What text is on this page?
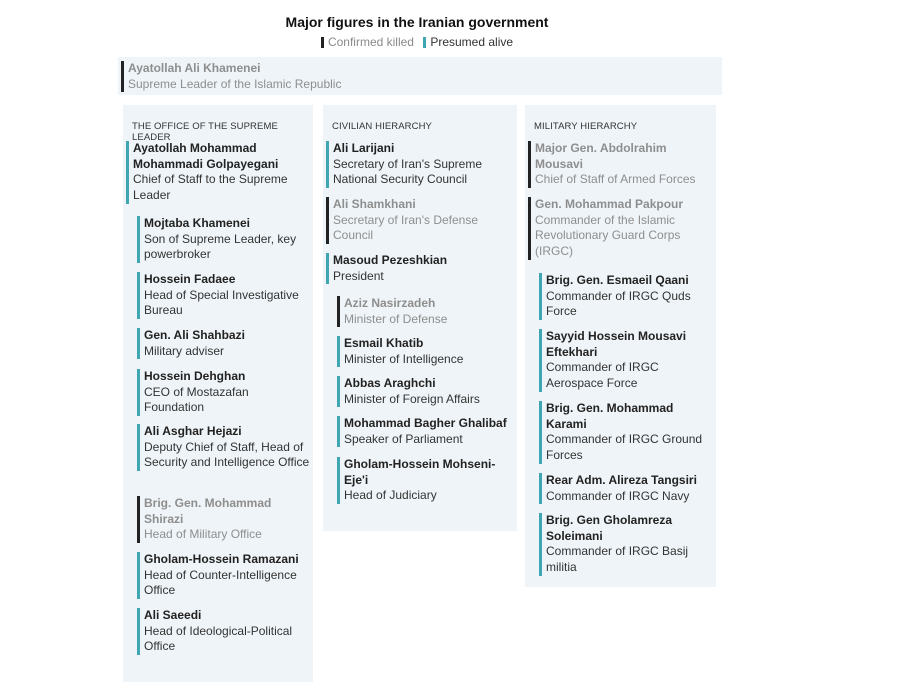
Major figures in the Iranian government
Confirmed killed
Presumed alive
Ayatollah Ali Khamenei
Supreme Leader of the Islamic Republic
THE OFFICE OF THE SUPREME LEADER
Ayatollah Mohammad Mohammadi Golpayegani
Chief of Staff to the Supreme Leader
Mojtaba Khamenei
Son of Supreme Leader, key powerbroker
Hossein Fadaee
Head of Special Investigative Bureau
Gen. Ali Shahbazi
Military adviser
Hossein Dehghan
CEO of Mostazafan Foundation
Ali Asghar Hejazi
Deputy Chief of Staff, Head of Security and Intelligence Office
Brig. Gen. Mohammad Shirazi
Head of Military Office
Gholam-Hossein Ramazani
Head of Counter-Intelligence Office
Ali Saeedi
Head of Ideological-Political Office
CIVILIAN HIERARCHY
Ali Larijani
Secretary of Iran's Supreme National Security Council
Ali Shamkhani
Secretary of Iran's Defense Council
Masoud Pezeshkian
President
Aziz Nasirzadeh
Minister of Defense
Esmail Khatib
Minister of Intelligence
Abbas Araghchi
Minister of Foreign Affairs
Mohammad Bagher Ghalibaf
Speaker of Parliament
Gholam-Hossein Mohseni-Eje'i
Head of Judiciary
MILITARY HIERARCHY
Major Gen. Abdolrahim Mousavi
Chief of Staff of Armed Forces
Gen. Mohammad Pakpour
Commander of the Islamic Revolutionary Guard Corps (IRGC)
Brig. Gen. Esmaeil Qaani
Commander of IRGC Quds Force
Sayyid Hossein Mousavi Eftekhari
Commander of IRGC Aerospace Force
Brig. Gen. Mohammad Karami
Commander of IRGC Ground Forces
Rear Adm. Alireza Tangsiri
Commander of IRGC Navy
Brig. Gen Gholamreza Soleimani
Commander of IRGC Basij militia
